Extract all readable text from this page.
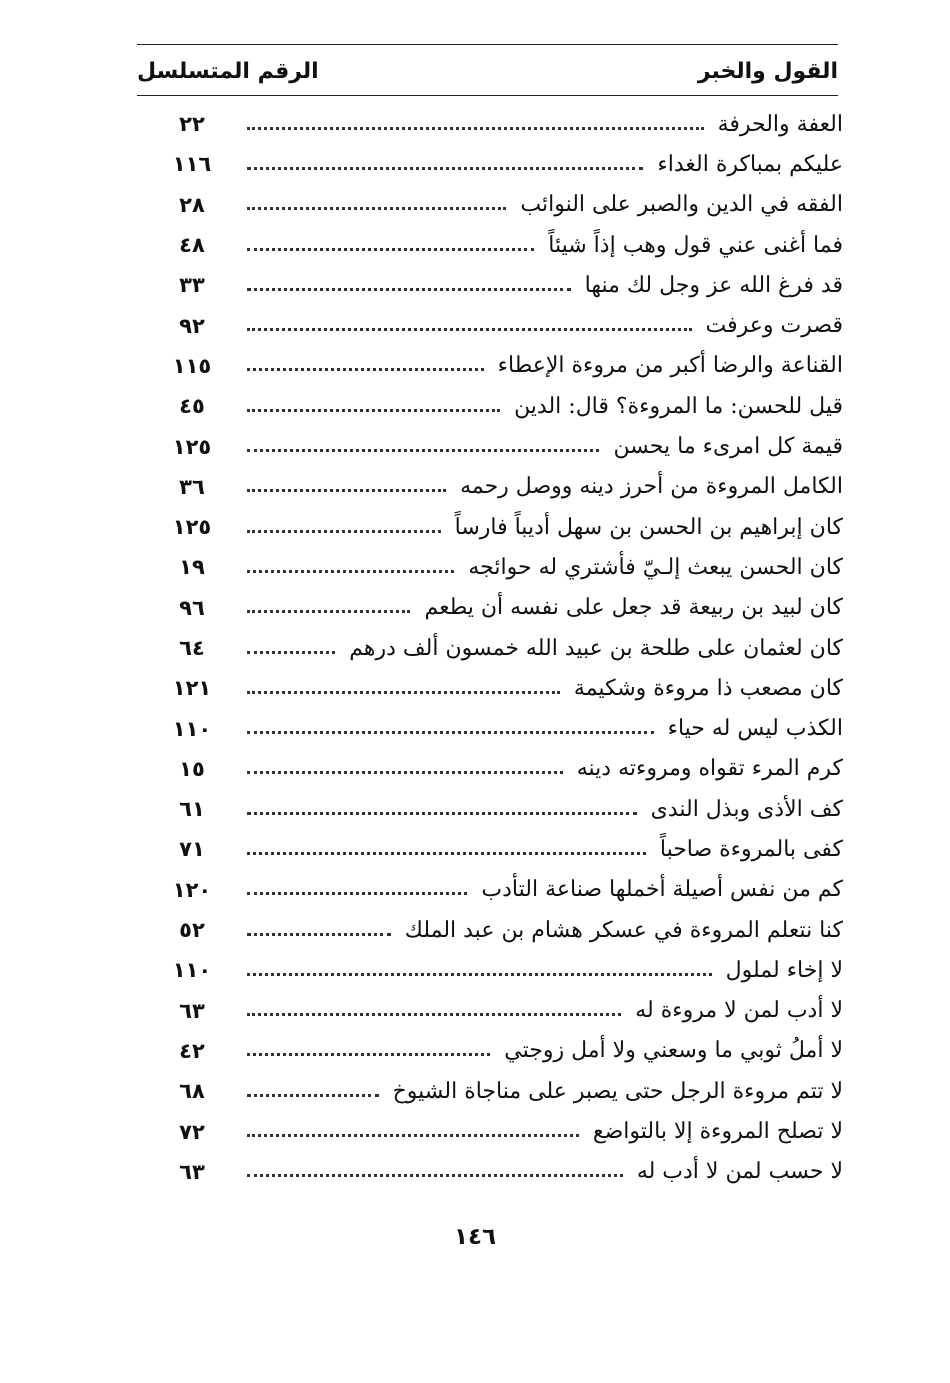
القول والخبر
الرقم المتسلسل
العفة والحرفة
٢٢
عليكم بمباكرة الغداء
١١٦
الفقه في الدين والصبر على النوائب
٢٨
فما أغنى عني قول وهب إذاً شيئاً
٤٨
قد فرغ الله عز وجل لك منها
٣٣
قصرت وعرفت
٩٢
القناعة والرضا أكبر من مروءة الإعطاء
١١٥
قيل للحسن: ما المروءة؟ قال: الدين
٤٥
قيمة كل امرىء ما يحسن
١٢٥
الكامل المروءة من أحرز دينه ووصل رحمه
٣٦
كان إبراهيم بن الحسن بن سهل أديباً فارساً
١٢٥
كان الحسن يبعث إلـيّ فأشتري له حوائجه
١٩
كان لبيد بن ربيعة قد جعل على نفسه أن يطعم
٩٦
كان لعثمان على طلحة بن عبيد الله خمسون ألف درهم
٦٤
كان مصعب ذا مروءة وشكيمة
١٢١
الكذب ليس له حياء
١١٠
كرم المرء تقواه ومروءته دينه
١٥
كف الأذى وبذل الندى
٦١
كفى بالمروءة صاحباً
٧١
كم من نفس أصيلة أخملها صناعة التأدب
١٢٠
كنا نتعلم المروءة في عسكر هشام بن عبد الملك
٥٢
لا إخاء لملول
١١٠
لا أدب لمن لا مروءة له
٦٣
لا أملُ ثوبي ما وسعني ولا أمل زوجتي
٤٢
لا تتم مروءة الرجل حتى يصبر على مناجاة الشيوخ
٦٨
لا تصلح المروءة إلا بالتواضع
٧٢
لا حسب لمن لا أدب له
٦٣
١٤٦
